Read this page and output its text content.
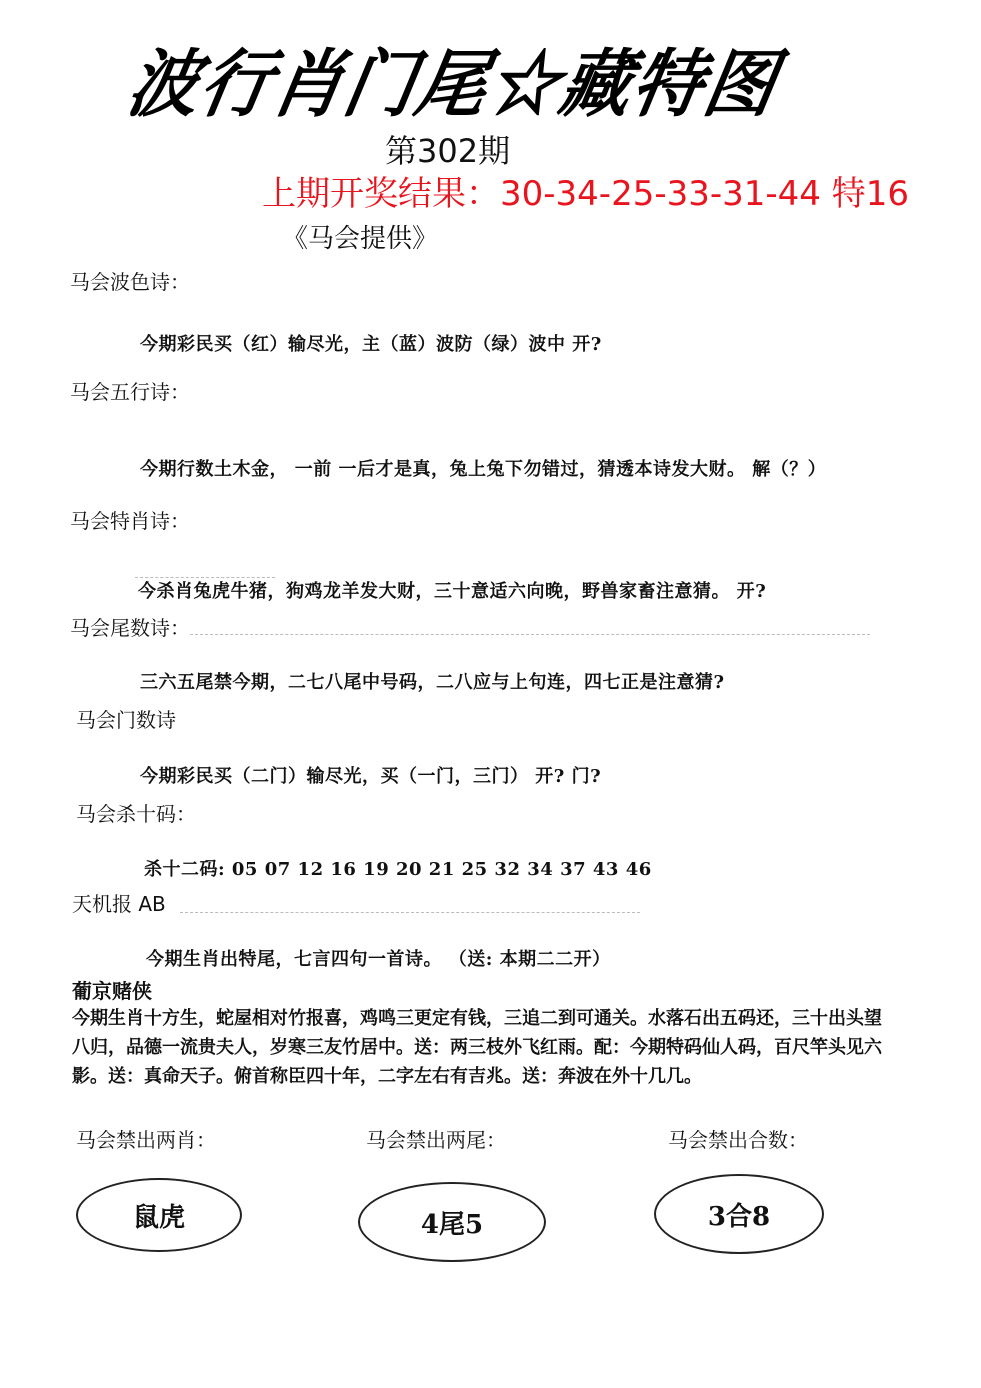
波行肖门尾☆藏特图
第302期
上期开奖结果：30-34-25-33-31-44 特16
《马会提供》
马会波色诗：
今期彩民买（红）输尽光，主（蓝）波防（绿）波中 开?
马会五行诗：
今期行数土木金， 一前 一后才是真，兔上兔下勿错过，猜透本诗发大财。 解（？）
马会特肖诗：
今杀肖兔虎牛猪，狗鸡龙羊发大财，三十意适六向晚，野兽家畜注意猜。 开?
马会尾数诗：
三六五尾禁今期，二七八尾中号码，二八应与上句连，四七正是注意猜?
马会门数诗
今期彩民买（二门）输尽光，买（一门，三门） 开? 门?
马会杀十码：
杀十二码: 05 07 12 16 19 20 21 25 32 34 37 43 46
天机报 AB
今期生肖出特尾，七言四句一首诗。 （送: 本期二二开）
葡京赌侠
今期生肖十方生，蛇屋相对竹报喜，鸡鸣三更定有钱，三追二到可通关。水落石出五码还，三十出头望八归，品德一流贵夫人，岁寒三友竹居中。送：两三枝外飞红雨。配：今期特码仙人码，百尺竿头见六影。送：真命天子。俯首称臣四十年，二字左右有吉兆。送：奔波在外十几几。
马会禁出两肖：	马会禁出两尾：	马会禁出合数：
鼠虎	4尾5	3合8
